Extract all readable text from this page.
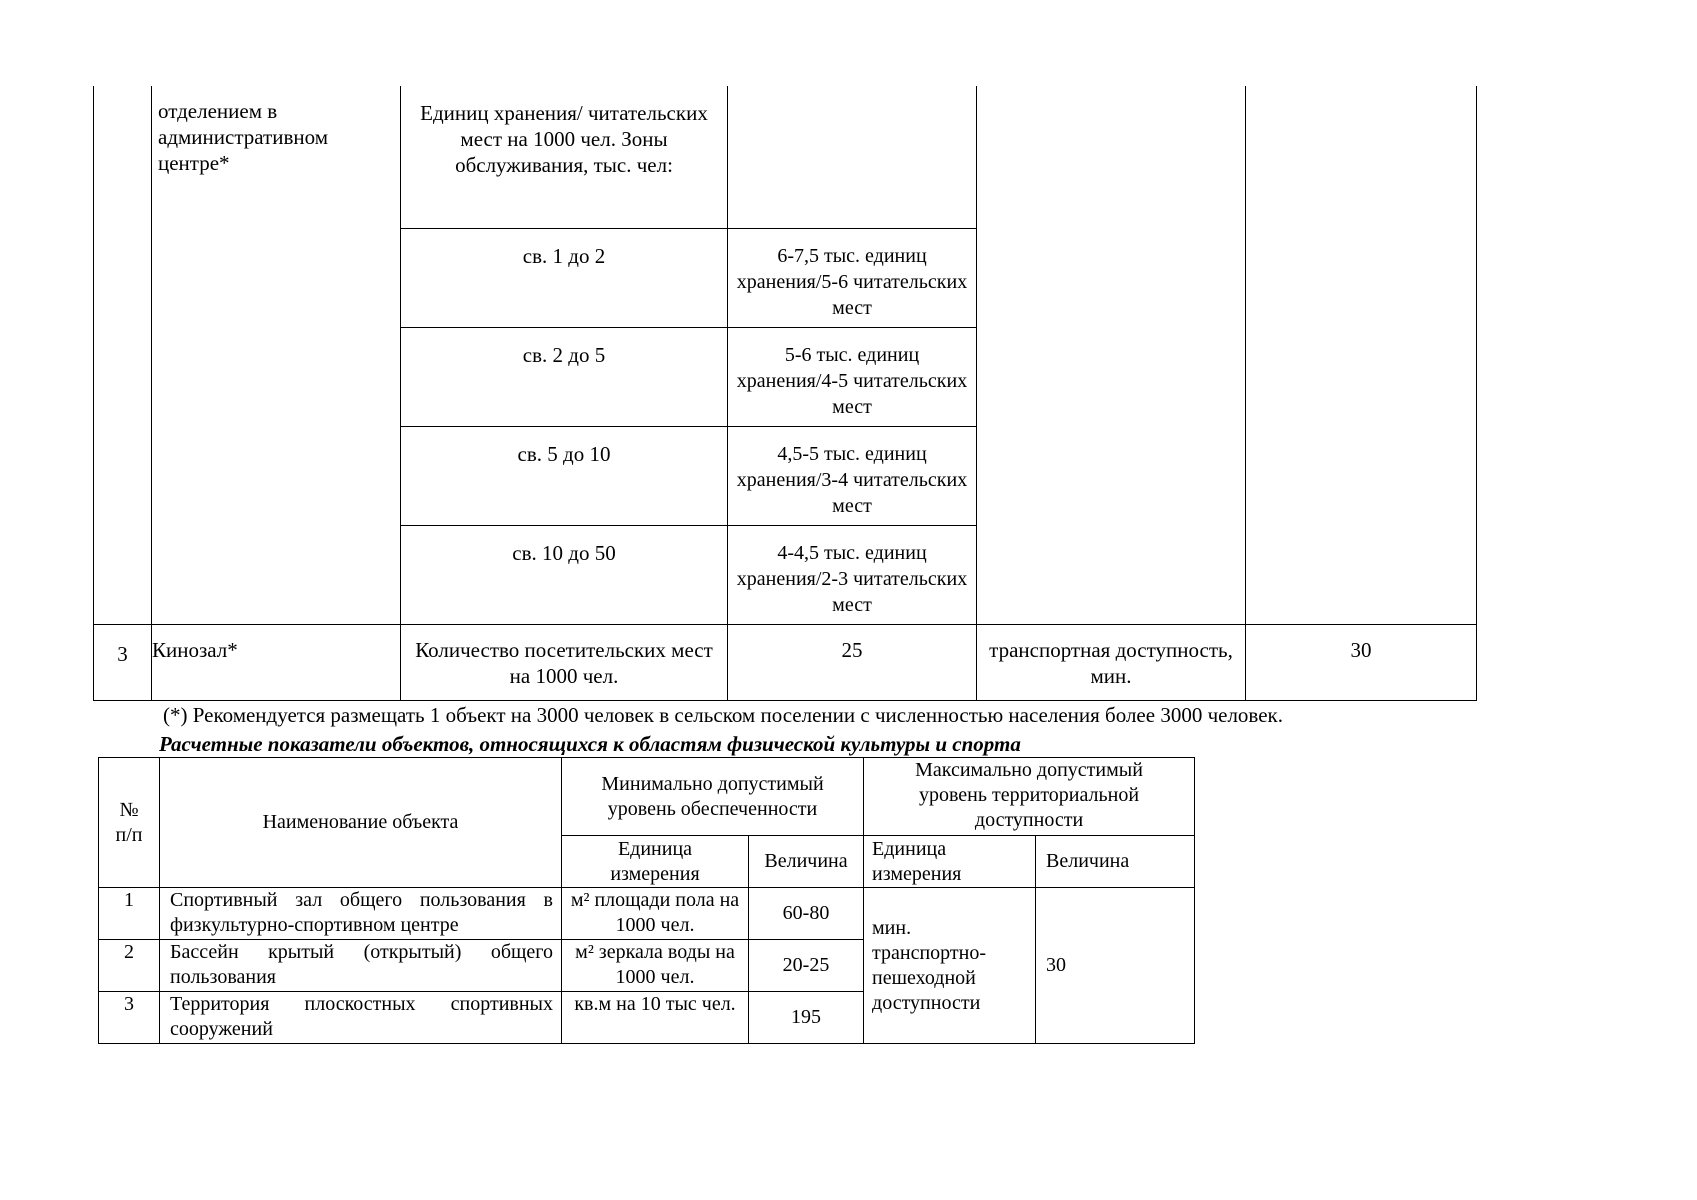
	отделением в административном центре*	Единиц хранения/ читательских мест на 1000 чел. Зоны обслуживания, тыс. чел:			
		св. 1 до 2	6-7,5 тыс. единиц хранения/5-6 читательских мест		
		св. 2 до 5	5-6 тыс. единиц хранения/4-5 читательских мест		
		св. 5 до 10	4,5-5 тыс. единиц хранения/3-4 читательских мест		
		св. 10 до 50	4-4,5 тыс. единиц хранения/2-3 читательских мест		
3	Кинозал*	Количество посетительских мест на 1000 чел.	25	транспортная доступность, мин.	30
(*) Рекомендуется размещать 1 объект на 3000 человек в сельском поселении с численностью населения более 3000 человек.
Расчетные показатели объектов, относящихся к областям физической культуры и спорта
№ п/п	Наименование объекта	Минимально допустимый уровень обеспеченности		Максимально допустимый уровень территориальной доступности	
		Единица измерения	Величина	Единица измерения	Величина
1	Спортивный зал общего пользования в физкультурно-спортивном центре	м² площади пола на 1000 чел.	60-80	мин. транспортно-пешеходной доступности	30
2	Бассейн крытый (открытый) общего пользования	м² зеркала воды на 1000 чел.	20-25		
3	Территория плоскостных спортивных сооружений	кв.м на 10 тыс чел.	195		
